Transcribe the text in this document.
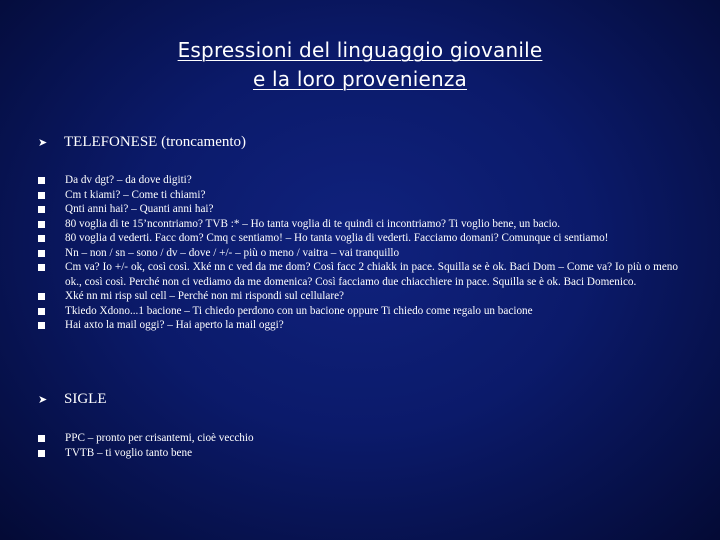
Espressioni del linguaggio giovanile
e la loro provenienza
➤	TELEFONESE (troncamento)
Da dv dgt? – da dove digiti?
Cm t kiami? – Come ti chiami?
Qnti anni hai? – Quanti anni hai?
80 voglia di te 15’ncontriamo? TVB :* – Ho tanta voglia di te quindi ci incontriamo? Ti voglio bene, un bacio.
80 voglia d vederti. Facc dom? Cmq c sentiamo! – Ho tanta voglia di vederti. Facciamo domani? Comunque ci sentiamo!
Nn – non / sn – sono / dv – dove / +/- – più o meno / vaitra – vai tranquillo
Cm va? Io +/- ok, così così. Xké nn c ved da me dom? Così facc 2 chiakk in pace. Squilla se è ok. Baci Dom – Come va? Io più o meno ok., così così. Perché non ci vediamo da me domenica? Così facciamo due chiacchiere in pace. Squilla se è ok. Baci Domenico.
Xké nn mi risp sul cell – Perché non mi rispondi sul cellulare?
Tkiedo Xdono...1 bacione – Ti chiedo perdono con un bacione oppure Ti chiedo come regalo un bacione
Hai axto la mail oggi? – Hai aperto la mail oggi?
➤	SIGLE
PPC – pronto per crisantemi, cioè vecchio
TVTB – ti voglio tanto bene
